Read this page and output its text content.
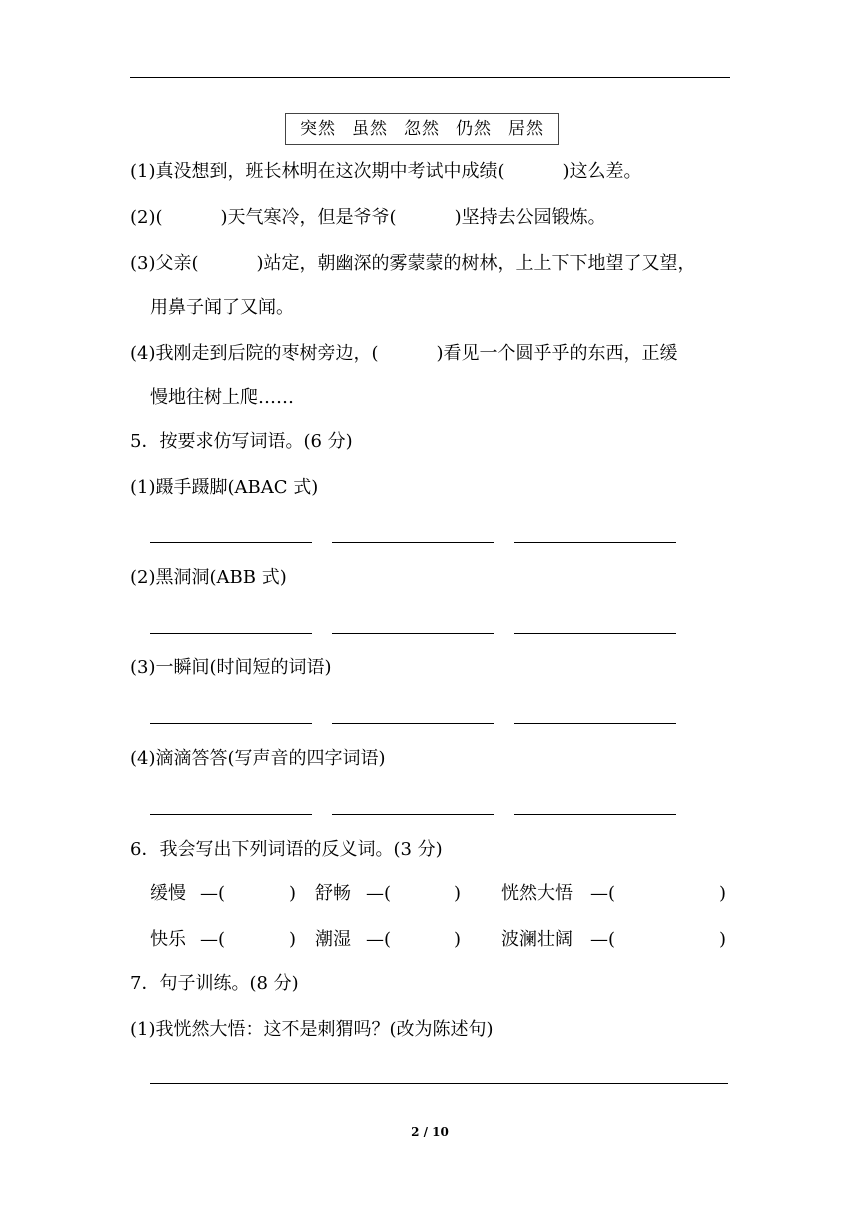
突然 虽然 忽然 仍然 居然
(1)真没想到，班长林明在这次期中考试中成绩(	)这么差。
(2)(	)天气寒冷，但是爷爷(	)坚持去公园锻炼。
(3)父亲(	)站定，朝幽深的雾蒙蒙的树林，上上下下地望了又望，
用鼻子闻了又闻。
(4)我刚走到后院的枣树旁边，(	)看见一个圆乎乎的东西，正缓
慢地往树上爬……
5．按要求仿写词语。(6 分)
(1)蹑手蹑脚(ABAC 式)
(2)黑洞洞(ABB 式)
(3)一瞬间(时间短的词语)
(4)滴滴答答(写声音的四字词语)
6．我会写出下列词语的反义词。(3 分)
缓慢 —(	) 舒畅 —(	) 恍然大悟 —(	)
快乐 —(	) 潮湿 —(	) 波澜壮阔 —(	)
7．句子训练。(8 分)
(1)我恍然大悟：这不是刺猬吗？(改为陈述句)
2 / 10
